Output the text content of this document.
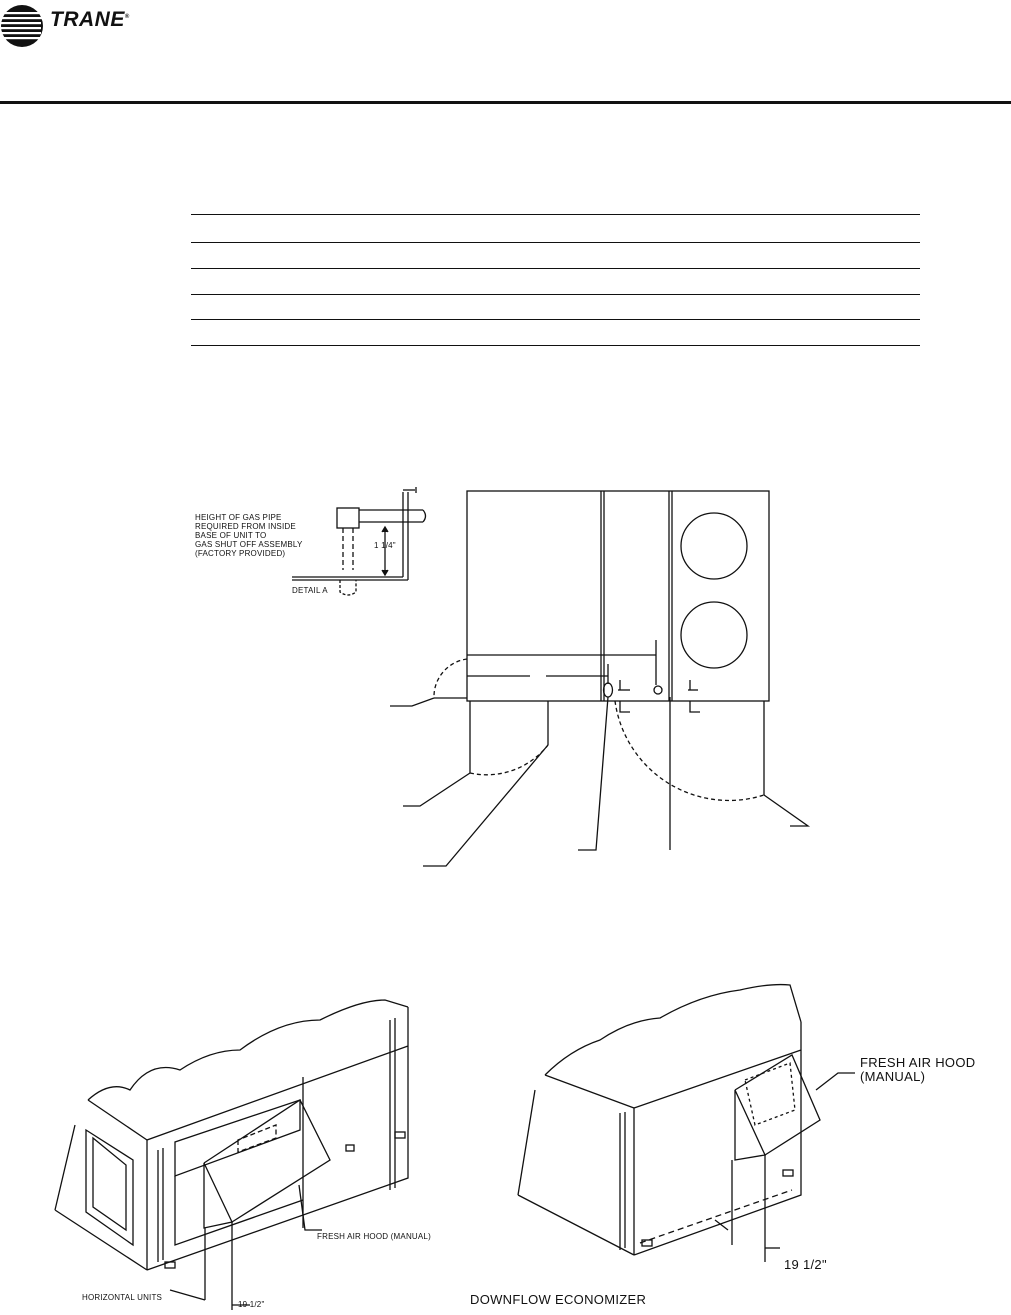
TRANE®
HEIGHT OF GAS PIPE
REQUIRED FROM INSIDE
BASE OF UNIT TO
GAS SHUT OFF ASSEMBLY
(FACTORY PROVIDED)
1 1/4"
DETAIL A
FRESH AIR HOOD (MANUAL)
19 1/2"
HORIZONTAL UNITS
FRESH AIR HOOD
(MANUAL)
19 1/2"
DOWNFLOW ECONOMIZER
